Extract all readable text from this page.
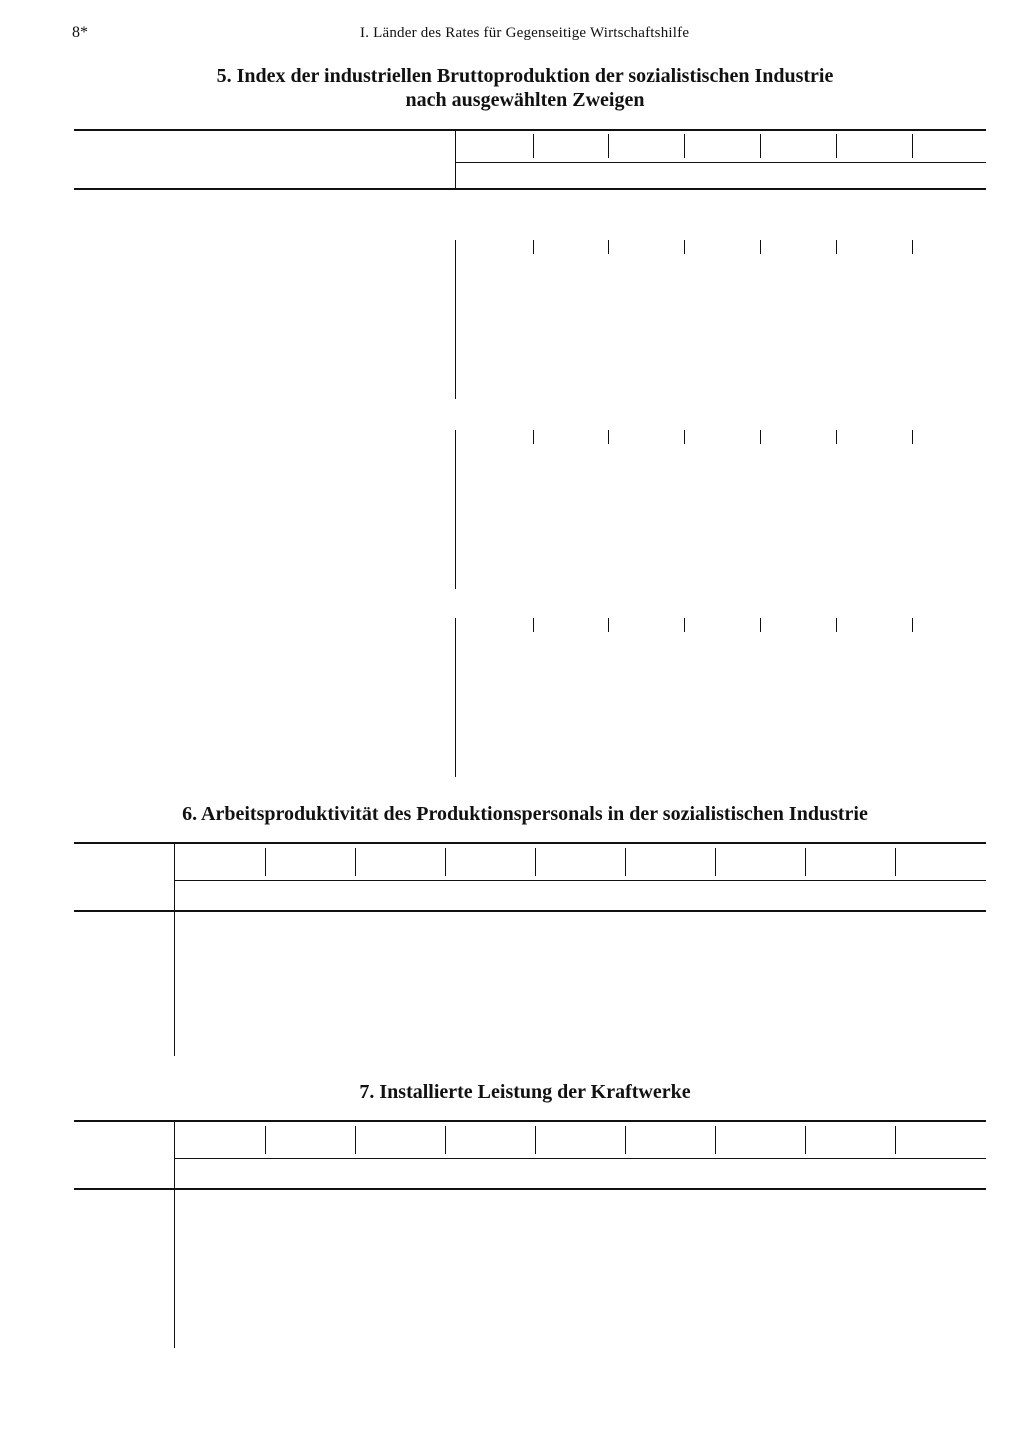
8*	I. Länder des Rates für Gegenseitige Wirtschaftshilfe
5. Index der industriellen Bruttoproduktion der sozialistischen Industrie
nach ausgewählten Zweigen
6. Arbeitsproduktivität des Produktionspersonals in der sozialistischen Industrie
7. Installierte Leistung der Kraftwerke
